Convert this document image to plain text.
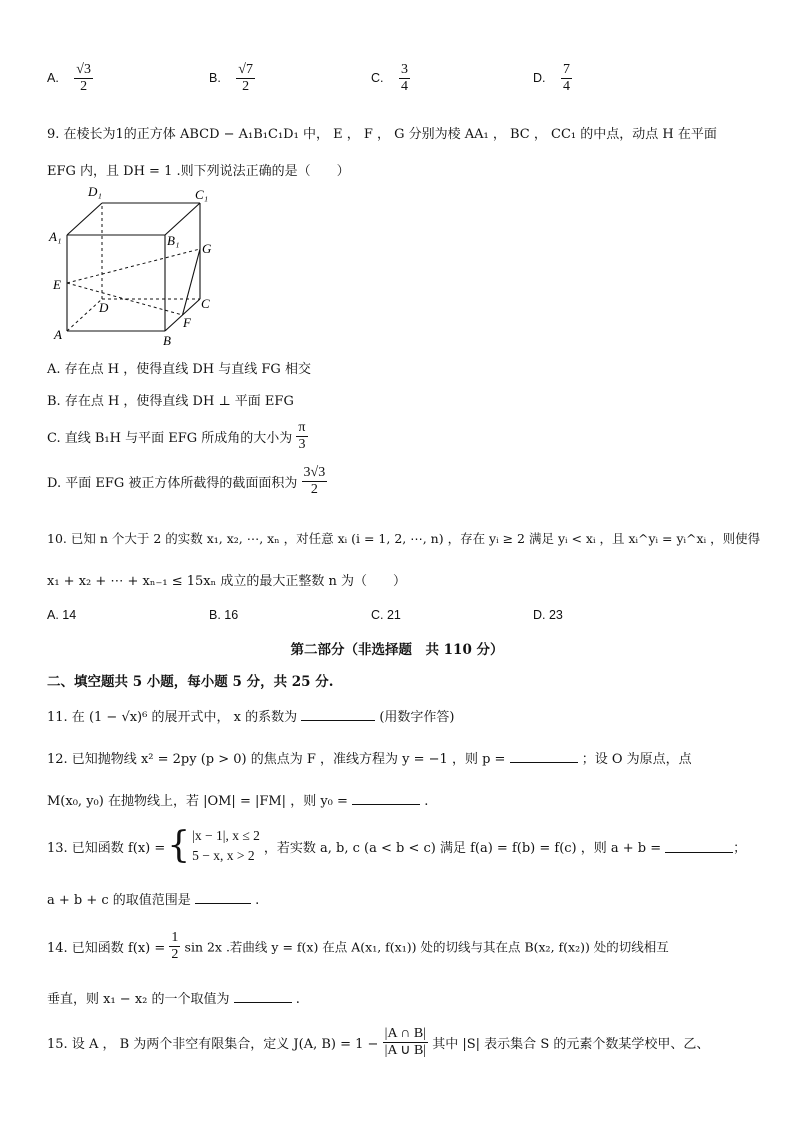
A. $\frac{√3}{2}$	B. $\frac{√7}{2}$	C. $\frac{3}{4}$	D. $\frac{7}{4}$
9. 在棱长为1的正方体 ABCD − A₁B₁C₁D₁ 中， E ， F ， G 分别为棱 AA₁ ， BC ， CC₁ 的中点，动点 H 在平面
EFG 内，且 DH = 1 .则下列说法正确的是（　　）
D₁	C₁
A₁	B₁
G
E
D	C
F
A	B
A. 存在点 H ，使得直线 DH 与直线 FG 相交
B. 存在点 H ，使得直线 DH ⊥ 平面 EFG
C. 直线 B₁H 与平面 EFG 所成角的大小为 $\frac{\pi}{3}$
D. 平面 EFG 被正方体所截得的截面面积为 $\frac{3√3}{2}$
10. 已知 n 个大于 2 的实数 x₁, x₂, ⋯, xₙ ，对任意 xᵢ (i = 1, 2, ⋯, n) ，存在 yᵢ ≥ 2 满足 yᵢ < xᵢ ，且 xᵢ^yᵢ = yᵢ^xᵢ ，则使得
x₁ + x₂ + ⋯ + xₙ₋₁ ≤ 15xₙ 成立的最大正整数 n 为（　　）
A. 14	B. 16	C. 21	D. 23
第二部分（非选择题　共 110 分）
二、填空题共 5 小题，每小题 5 分，共 25 分.
11. 在 (1 − √x)⁶ 的展开式中， x 的系数为	(用数字作答)
12. 已知抛物线 x² = 2py (p > 0) 的焦点为 F ，准线方程为 y = −1 ，则 p =	；设 O 为原点，点
M(x₀, y₀) 在抛物线上，若 |OM| = |FM| ，则 y₀ =	.
13. 已知函数 f(x) = { |x − 1|, x ≤ 2
5 − x, x > 2 ，若实数 a, b, c (a < b < c) 满足 f(a) = f(b) = f(c) ，则 a + b =	；
a + b + c 的取值范围是	.
14. 已知函数 $f(x) = \frac{1}{2}$ sin 2x .若曲线 y = f(x) 在点 A(x₁, f(x₁)) 处的切线与其在点 B(x₂, f(x₂)) 处的切线相互
垂直，则 x₁ − x₂ 的一个取值为	.
15. 设 A ， B 为两个非空有限集合，定义 J(A, $B) = 1 - \frac{|A \cap B|}{|A \cup B|}$ 其中 |S| 表示集合 S 的元素个数某学校甲、乙、
